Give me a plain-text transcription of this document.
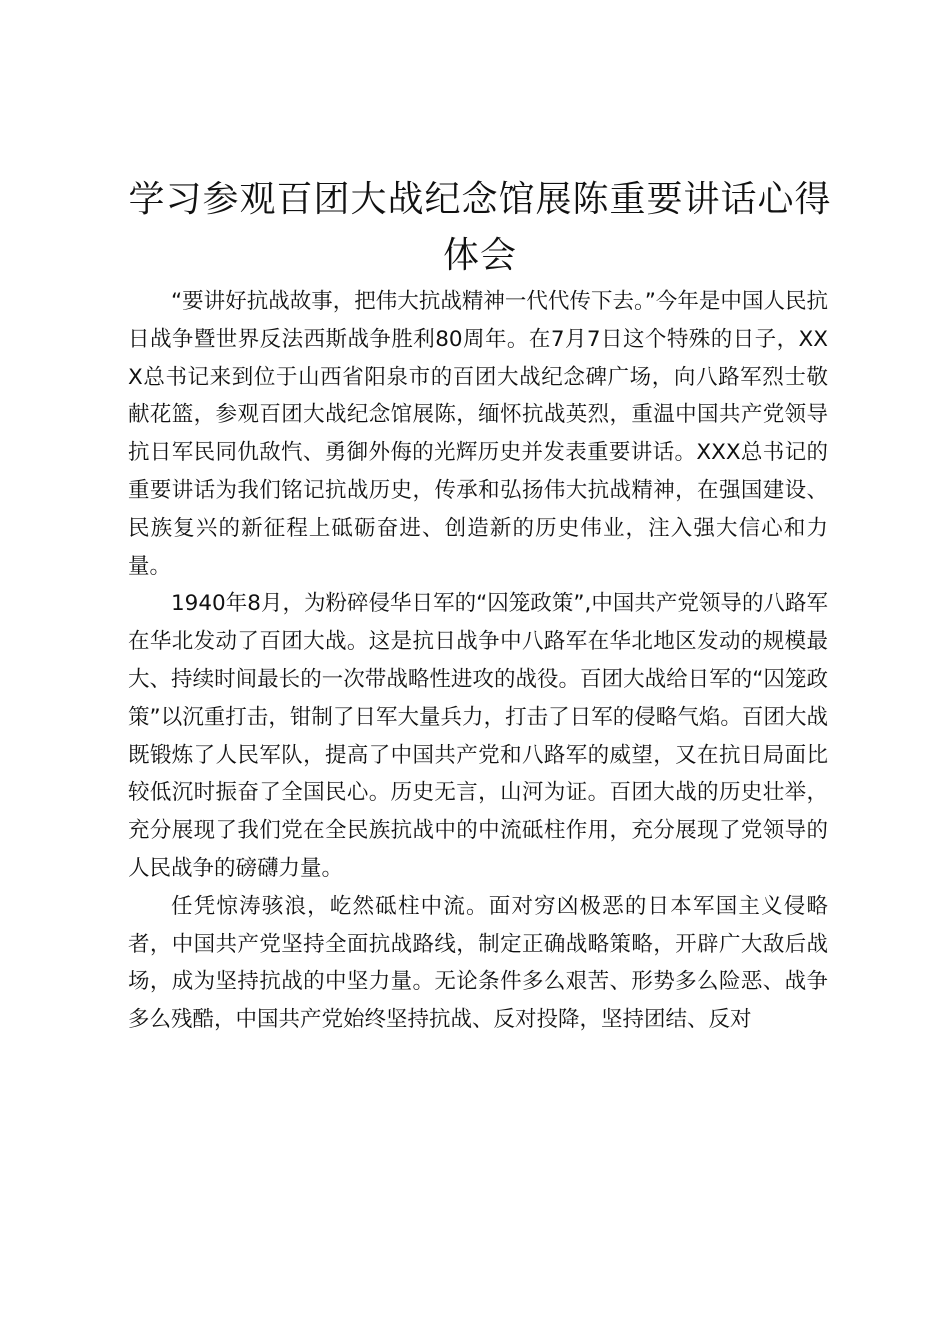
学习参观百团大战纪念馆展陈重要讲话心得体会

“要讲好抗战故事，把伟大抗战精神一代代传下去。”今年是中国人民抗日战争暨世界反法西斯战争胜利80周年。在7月7日这个特殊的日子，XXX总书记来到位于山西省阳泉市的百团大战纪念碑广场，向八路军烈士敬献花篮，参观百团大战纪念馆展陈，缅怀抗战英烈，重温中国共产党领导抗日军民同仇敌忾、勇御外侮的光辉历史并发表重要讲话。XXX总书记的重要讲话为我们铭记抗战历史，传承和弘扬伟大抗战精神，在强国建设、民族复兴的新征程上砥砺奋进、创造新的历史伟业，注入强大信心和力量。

1940年8月，为粉碎侵华日军的“囚笼政策”,中国共产党领导的八路军在华北发动了百团大战。这是抗日战争中八路军在华北地区发动的规模最大、持续时间最长的一次带战略性进攻的战役。百团大战给日军的“囚笼政策”以沉重打击，钳制了日军大量兵力，打击了日军的侵略气焰。百团大战既锻炼了人民军队，提高了中国共产党和八路军的威望，又在抗日局面比较低沉时振奋了全国民心。历史无言，山河为证。百团大战的历史壮举，充分展现了我们党在全民族抗战中的中流砥柱作用，充分展现了党领导的人民战争的磅礴力量。

任凭惊涛骇浪，屹然砥柱中流。面对穷凶极恶的日本军国主义侵略者，中国共产党坚持全面抗战路线，制定正确战略策略，开辟广大敌后战场，成为坚持抗战的中坚力量。无论条件多么艰苦、形势多么险恶、战争多么残酷，中国共产党始终坚持抗战、反对投降，坚持团结、反对
